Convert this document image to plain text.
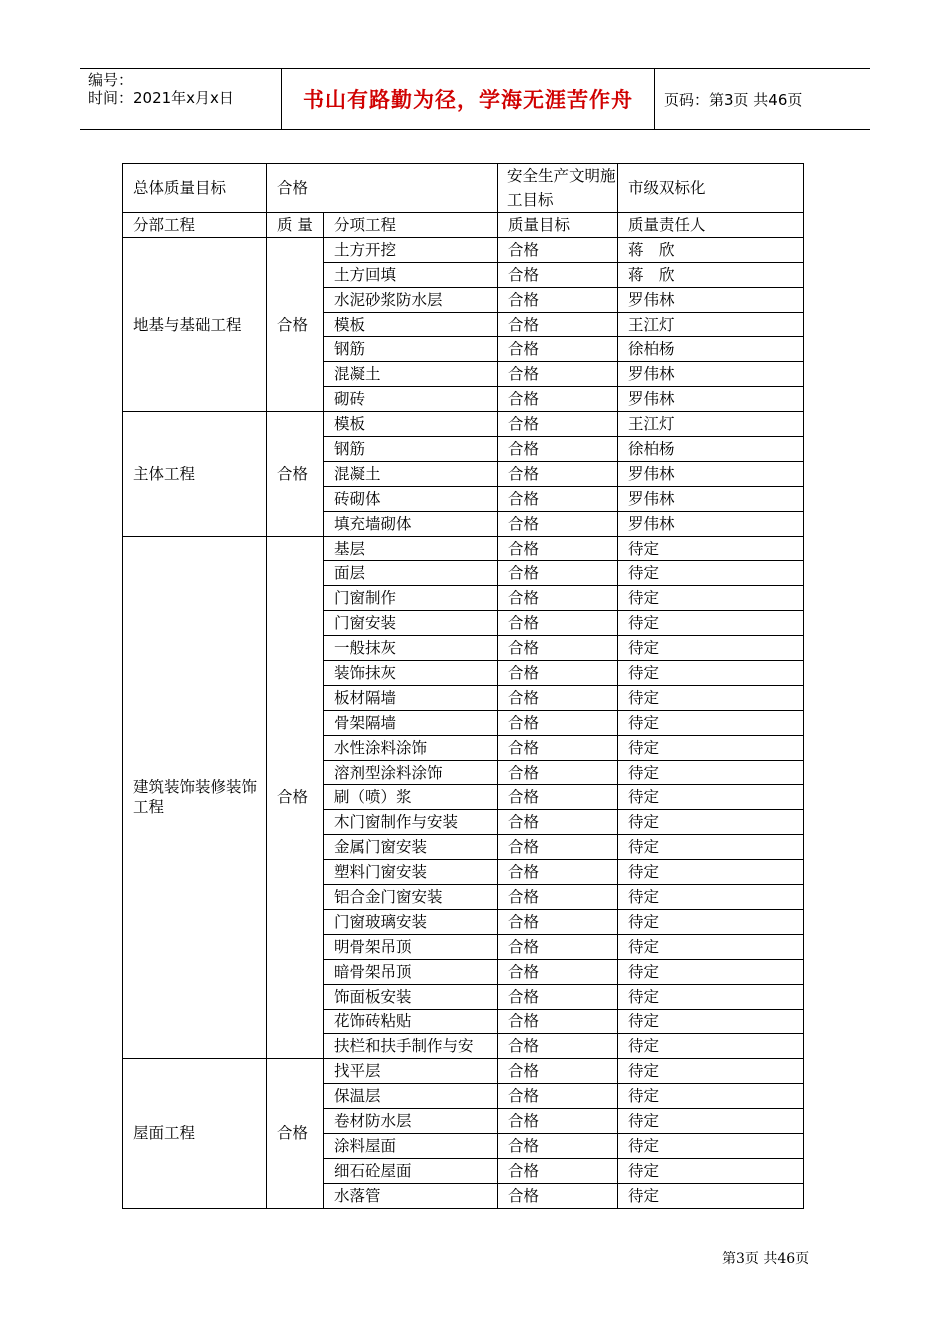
编号：
时间：2021年x月x日	书山有路勤为径，学海无涯苦作舟	页码：第3页 共46页
总体质量目标	合格		安全生产文明施工目标	市级双标化
分部工程	质 量	分项工程	质量目标	质量责任人
地基与基础工程	合格	土方开挖	合格	蒋　欣
		土方回填	合格	蒋　欣
		水泥砂浆防水层	合格	罗伟林
		模板	合格	王江灯
		钢筋	合格	徐柏杨
		混凝土	合格	罗伟林
		砌砖	合格	罗伟林
主体工程	合格	模板	合格	王江灯
		钢筋	合格	徐柏杨
		混凝土	合格	罗伟林
		砖砌体	合格	罗伟林
		填充墙砌体	合格	罗伟林
建筑装饰装修装饰工程	合格	基层	合格	待定
		面层	合格	待定
		门窗制作	合格	待定
		门窗安装	合格	待定
		一般抹灰	合格	待定
		装饰抹灰	合格	待定
		板材隔墙	合格	待定
		骨架隔墙	合格	待定
		水性涂料涂饰	合格	待定
		溶剂型涂料涂饰	合格	待定
		刷（喷）浆	合格	待定
		木门窗制作与安装	合格	待定
		金属门窗安装	合格	待定
		塑料门窗安装	合格	待定
		铝合金门窗安装	合格	待定
		门窗玻璃安装	合格	待定
		明骨架吊顶	合格	待定
		暗骨架吊顶	合格	待定
		饰面板安装	合格	待定
		花饰砖粘贴	合格	待定
		扶栏和扶手制作与安	合格	待定
屋面工程	合格	找平层	合格	待定
		保温层	合格	待定
		卷材防水层	合格	待定
		涂料屋面	合格	待定
		细石砼屋面	合格	待定
		水落管	合格	待定
第3页 共46页
